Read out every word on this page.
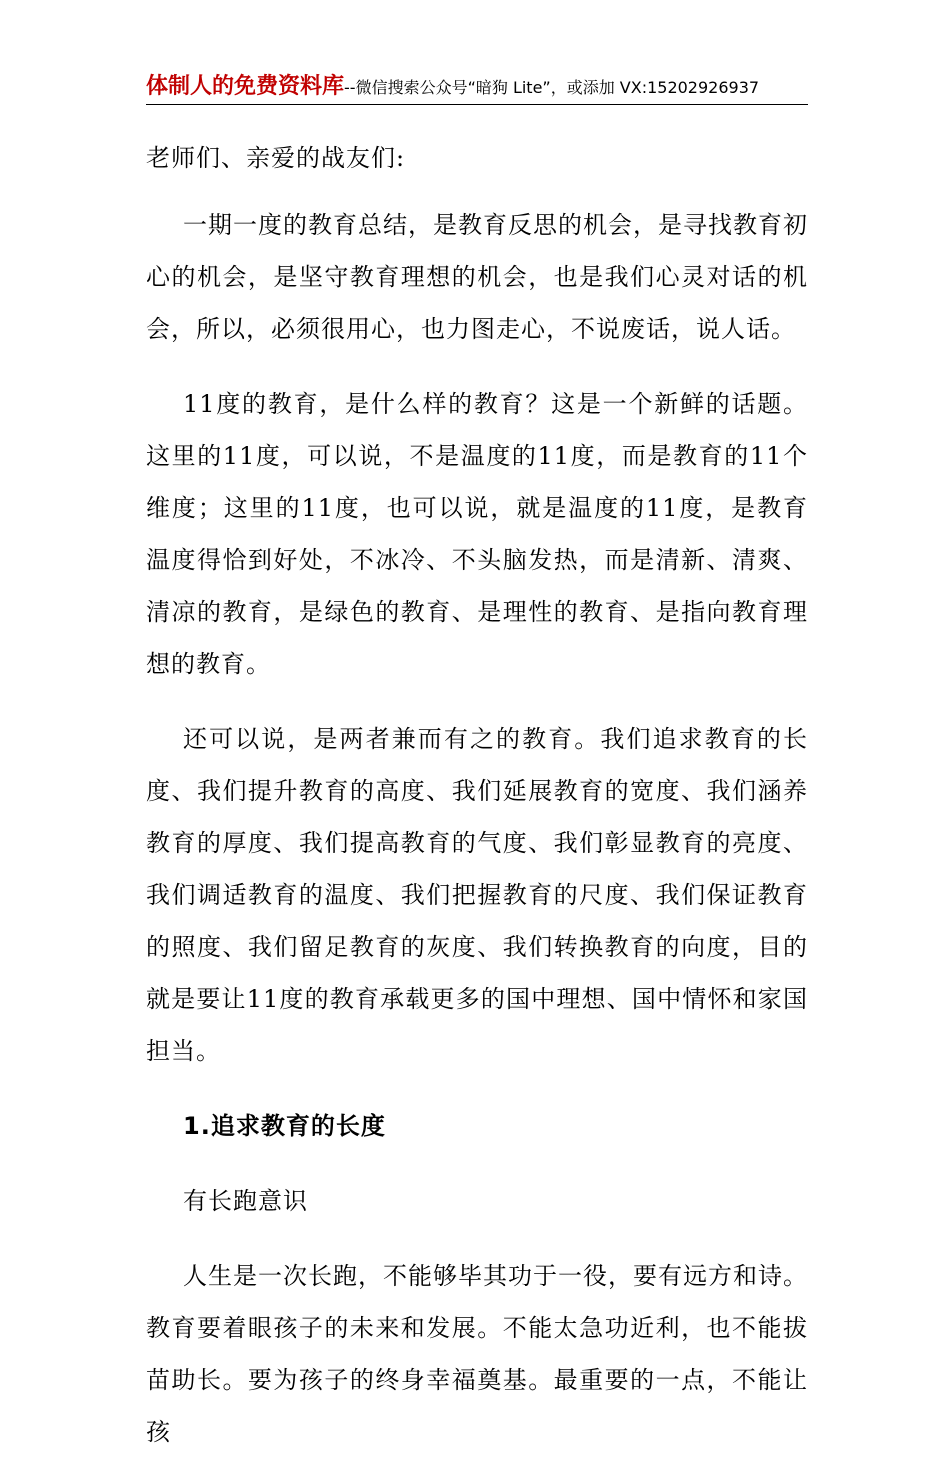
体制人的免费资料库--微信搜索公众号“暗狗 Lite”，或添加 VX:15202926937

老师们、亲爱的战友们:

一期一度的教育总结，是教育反思的机会，是寻找教育初心的机会，是坚守教育理想的机会，也是我们心灵对话的机会，所以，必须很用心，也力图走心，不说废话，说人话。

11度的教育，是什么样的教育？这是一个新鲜的话题。这里的11度，可以说，不是温度的11度，而是教育的11个维度；这里的11度，也可以说，就是温度的11度，是教育温度得恰到好处，不冰冷、不头脑发热，而是清新、清爽、清凉的教育，是绿色的教育、是理性的教育、是指向教育理想的教育。

还可以说，是两者兼而有之的教育。我们追求教育的长度、我们提升教育的高度、我们延展教育的宽度、我们涵养教育的厚度、我们提高教育的气度、我们彰显教育的亮度、我们调适教育的温度、我们把握教育的尺度、我们保证教育的照度、我们留足教育的灰度、我们转换教育的向度，目的就是要让11度的教育承载更多的国中理想、国中情怀和家国担当。

1.追求教育的长度

有长跑意识

人生是一次长跑，不能够毕其功于一役，要有远方和诗。教育要着眼孩子的未来和发展。不能太急功近利，也不能拔苗助长。要为孩子的终身幸福奠基。最重要的一点，不能让孩
